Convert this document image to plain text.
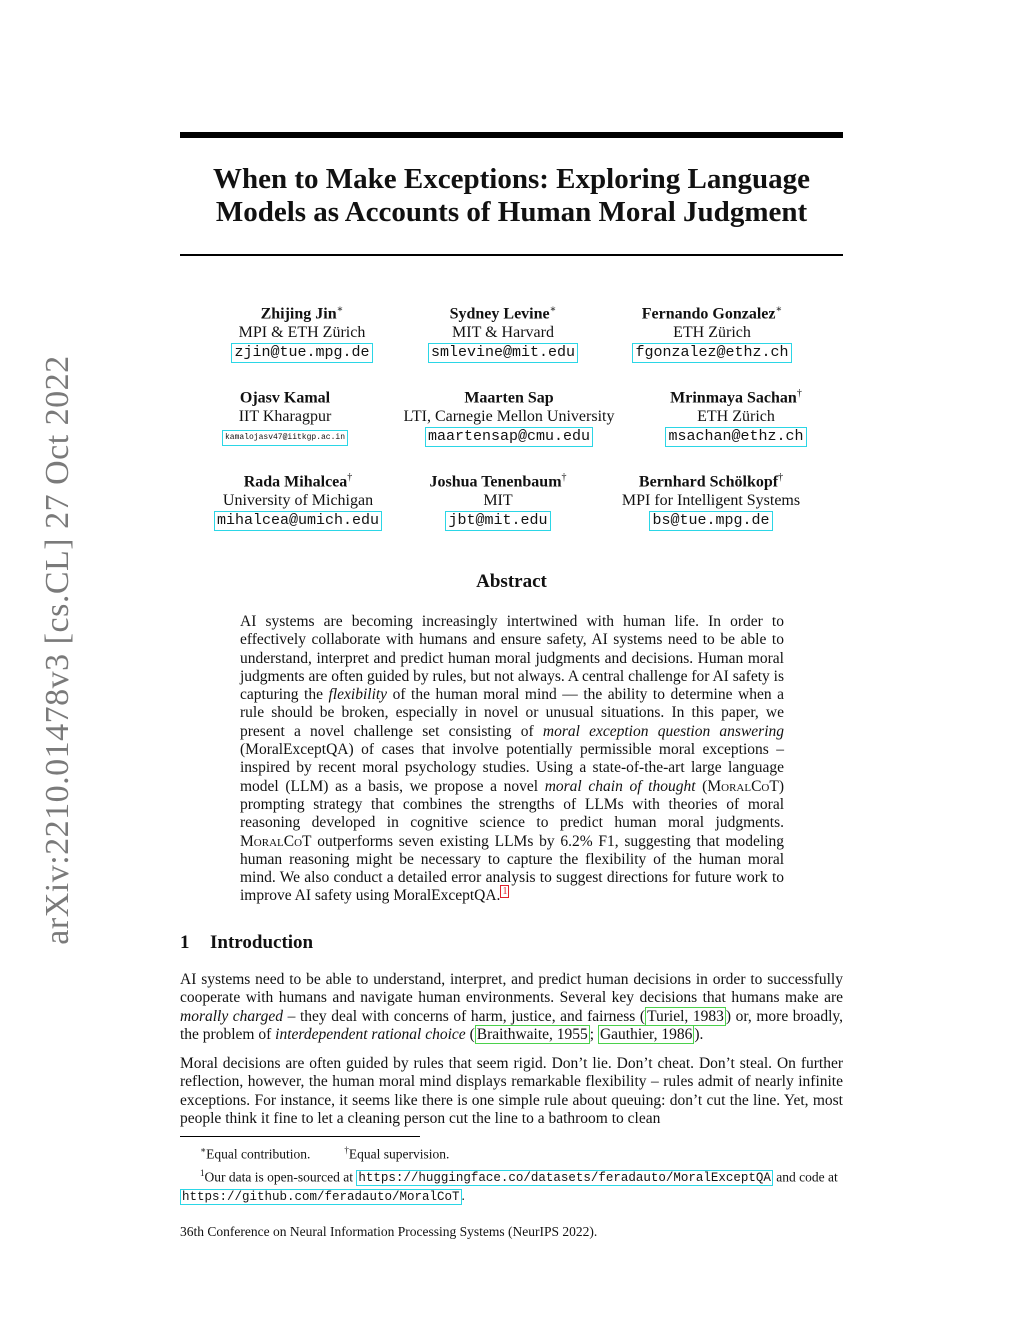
When to Make Exceptions: Exploring Language
Models as Accounts of Human Moral Judgment
arXiv:2210.01478v3 [cs.CL] 27 Oct 2022
Zhijing Jin∗
MPI & ETH Zürich
zjin@tue.mpg.de
Sydney Levine∗
MIT & Harvard
smlevine@mit.edu
Fernando Gonzalez∗
ETH Zürich
fgonzalez@ethz.ch
Ojasv Kamal
IIT Kharagpur
kamalojasv47@iitkgp.ac.in
Maarten Sap
LTI, Carnegie Mellon University
maartensap@cmu.edu
Mrinmaya Sachan†
ETH Zürich
msachan@ethz.ch
Rada Mihalcea†
University of Michigan
mihalcea@umich.edu
Joshua Tenenbaum†
MIT
jbt@mit.edu
Bernhard Schölkopf†
MPI for Intelligent Systems
bs@tue.mpg.de
Abstract
AI systems are becoming increasingly intertwined with human life. In order to effectively collaborate with humans and ensure safety, AI systems need to be able to understand, interpret and predict human moral judgments and decisions. Human moral judgments are often guided by rules, but not always. A central challenge for AI safety is capturing the flexibility of the human moral mind — the ability to determine when a rule should be broken, especially in novel or unusual situations. In this paper, we present a novel challenge set consisting of moral exception question answering (MoralExceptQA) of cases that involve potentially permissible moral exceptions – inspired by recent moral psychology studies. Using a state-of-the-art large language model (LLM) as a basis, we propose a novel moral chain of thought (MoralCoT) prompting strategy that combines the strengths of LLMs with theories of moral reasoning developed in cognitive science to predict human moral judgments. MoralCoT outperforms seven existing LLMs by 6.2% F1, suggesting that modeling human reasoning might be necessary to capture the flexibility of the human moral mind. We also conduct a detailed error analysis to suggest directions for future work to improve AI safety using MoralExceptQA. $^1$
1 Introduction
AI systems need to be able to understand, interpret, and predict human decisions in order to successfully cooperate with humans and navigate human environments. Several key decisions that humans make are morally charged – they deal with concerns of harm, justice, and fairness ( Turiel, 1983 ) or, more broadly, the problem of interdependent rational choice ( Braithwaite, 1955 ; Gauthier, 1986 ).
Moral decisions are often guided by rules that seem rigid. Don’t lie. Don’t cheat. Don’t steal. On further reflection, however, the human moral mind displays remarkable flexibility – rules admit of nearly infinite exceptions. For instance, it seems like there is one simple rule about queuing: don’t cut the line. Yet, most people think it fine to let a cleaning person cut the line to a bathroom to clean
∗Equal contribution.	†Equal supervision.
$^1$Our data is open-sourced at https://huggingface.co/datasets/feradauto/MoralExceptQA and code at https://github.com/feradauto/MoralCoT .
36th Conference on Neural Information Processing Systems (NeurIPS 2022).
